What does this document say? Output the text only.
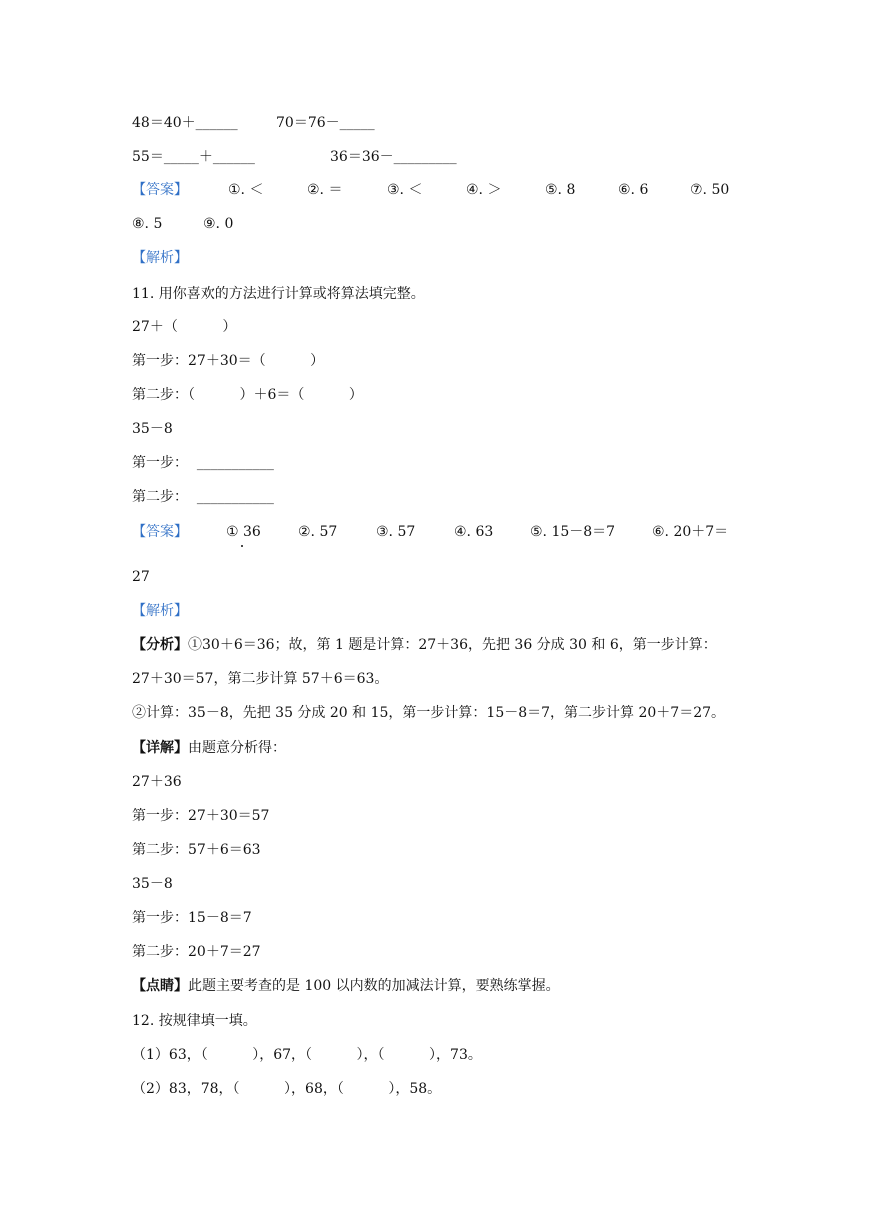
48＝40＋______	70＝76－_____
55＝_____＋______	36＝36－_________
【答案】	①. ＜	②. ＝	③. ＜	④. ＞	⑤. 8	⑥. 6	⑦. 50
⑧. 5	⑨. 0
【解析】
11. 用你喜欢的方法进行计算或将算法填完整。
27＋（          ）
第一步：27＋30＝（          ）
第二步：（          ）＋6＝（          ）
35－8
第一步：  ___________
第二步：  ___________
【答案】	① 36	②. 57	③. 57	④. 63	⑤. 15－8＝7	⑥. 20＋7＝
27
【解析】
【分析】①30＋6＝36；故，第 1 题是计算：27＋36，先把 36 分成 30 和 6，第一步计算：
27＋30＝57，第二步计算 57＋6＝63。
②计算：35－8，先把 35 分成 20 和 15，第一步计算：15－8＝7，第二步计算 20＋7＝27。
【详解】由题意分析得：
27＋36
第一步：27＋30＝57
第二步：57＋6＝63
35－8
第一步：15－8＝7
第二步：20＋7＝27
【点睛】此题主要考查的是 100 以内数的加减法计算，要熟练掌握。
12. 按规律填一填。
（1）63，（          ），67，（          ），（          ），73。
（2）83，78，（          ），68，（          ），58。
